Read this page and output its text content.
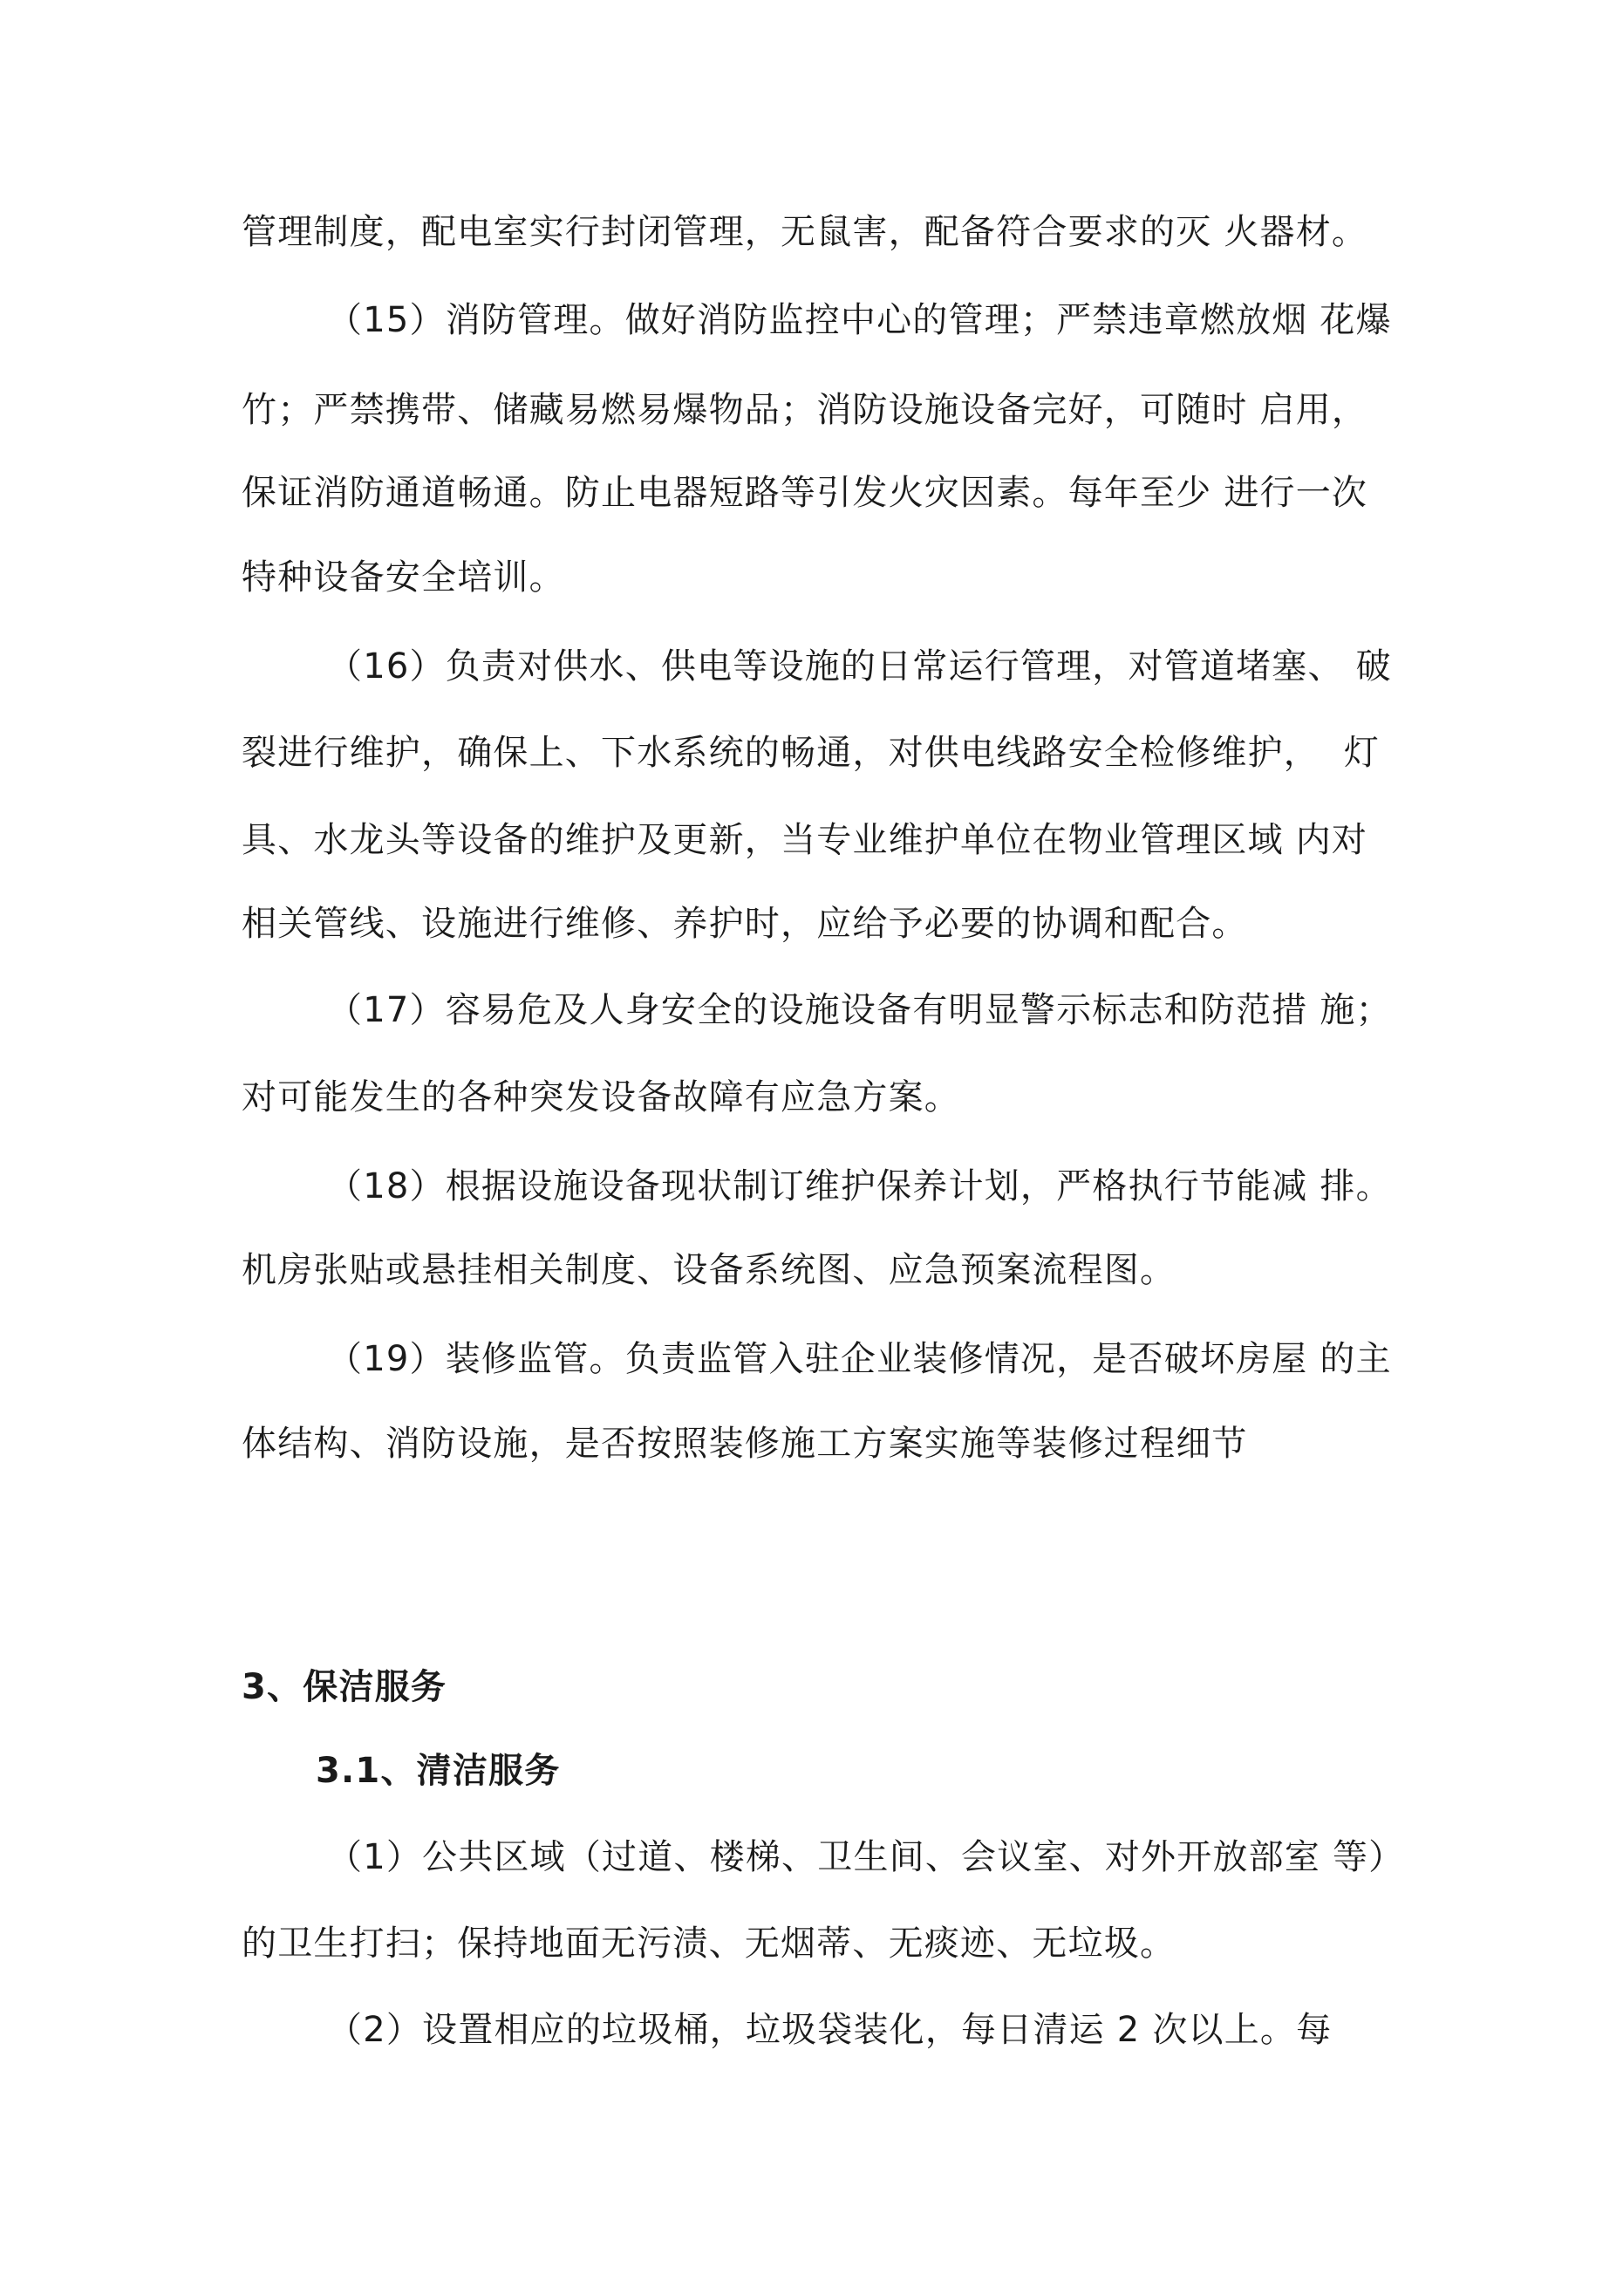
管理制度，配电室实行封闭管理，无鼠害，配备符合要求的灭 火器材。
（15）消防管理。做好消防监控中心的管理；严禁违章燃放烟 花爆
竹；严禁携带、储藏易燃易爆物品；消防设施设备完好，可随时 启用，
保证消防通道畅通。防止电器短路等引发火灾因素。每年至少 进行一次
特种设备安全培训。
（16）负责对供水、供电等设施的日常运行管理，对管道堵塞、 破
裂进行维护，确保上、下水系统的畅通，对供电线路安全检修维护，  灯
具、水龙头等设备的维护及更新，当专业维护单位在物业管理区域 内对
相关管线、设施进行维修、养护时，应给予必要的协调和配合。
（17）容易危及人身安全的设施设备有明显警示标志和防范措 施；
对可能发生的各种突发设备故障有应急方案。
（18）根据设施设备现状制订维护保养计划，严格执行节能减 排。
机房张贴或悬挂相关制度、设备系统图、应急预案流程图。
（19）装修监管。负责监管入驻企业装修情况，是否破坏房屋 的主
体结构、消防设施，是否按照装修施工方案实施等装修过程细节
3、保洁服务
3.1、清洁服务
（1）公共区域（过道、楼梯、卫生间、会议室、对外开放部室 等）
的卫生打扫；保持地面无污渍、无烟蒂、无痰迹、无垃圾。
（2）设置相应的垃圾桶，垃圾袋装化，每日清运 2 次以上。每
